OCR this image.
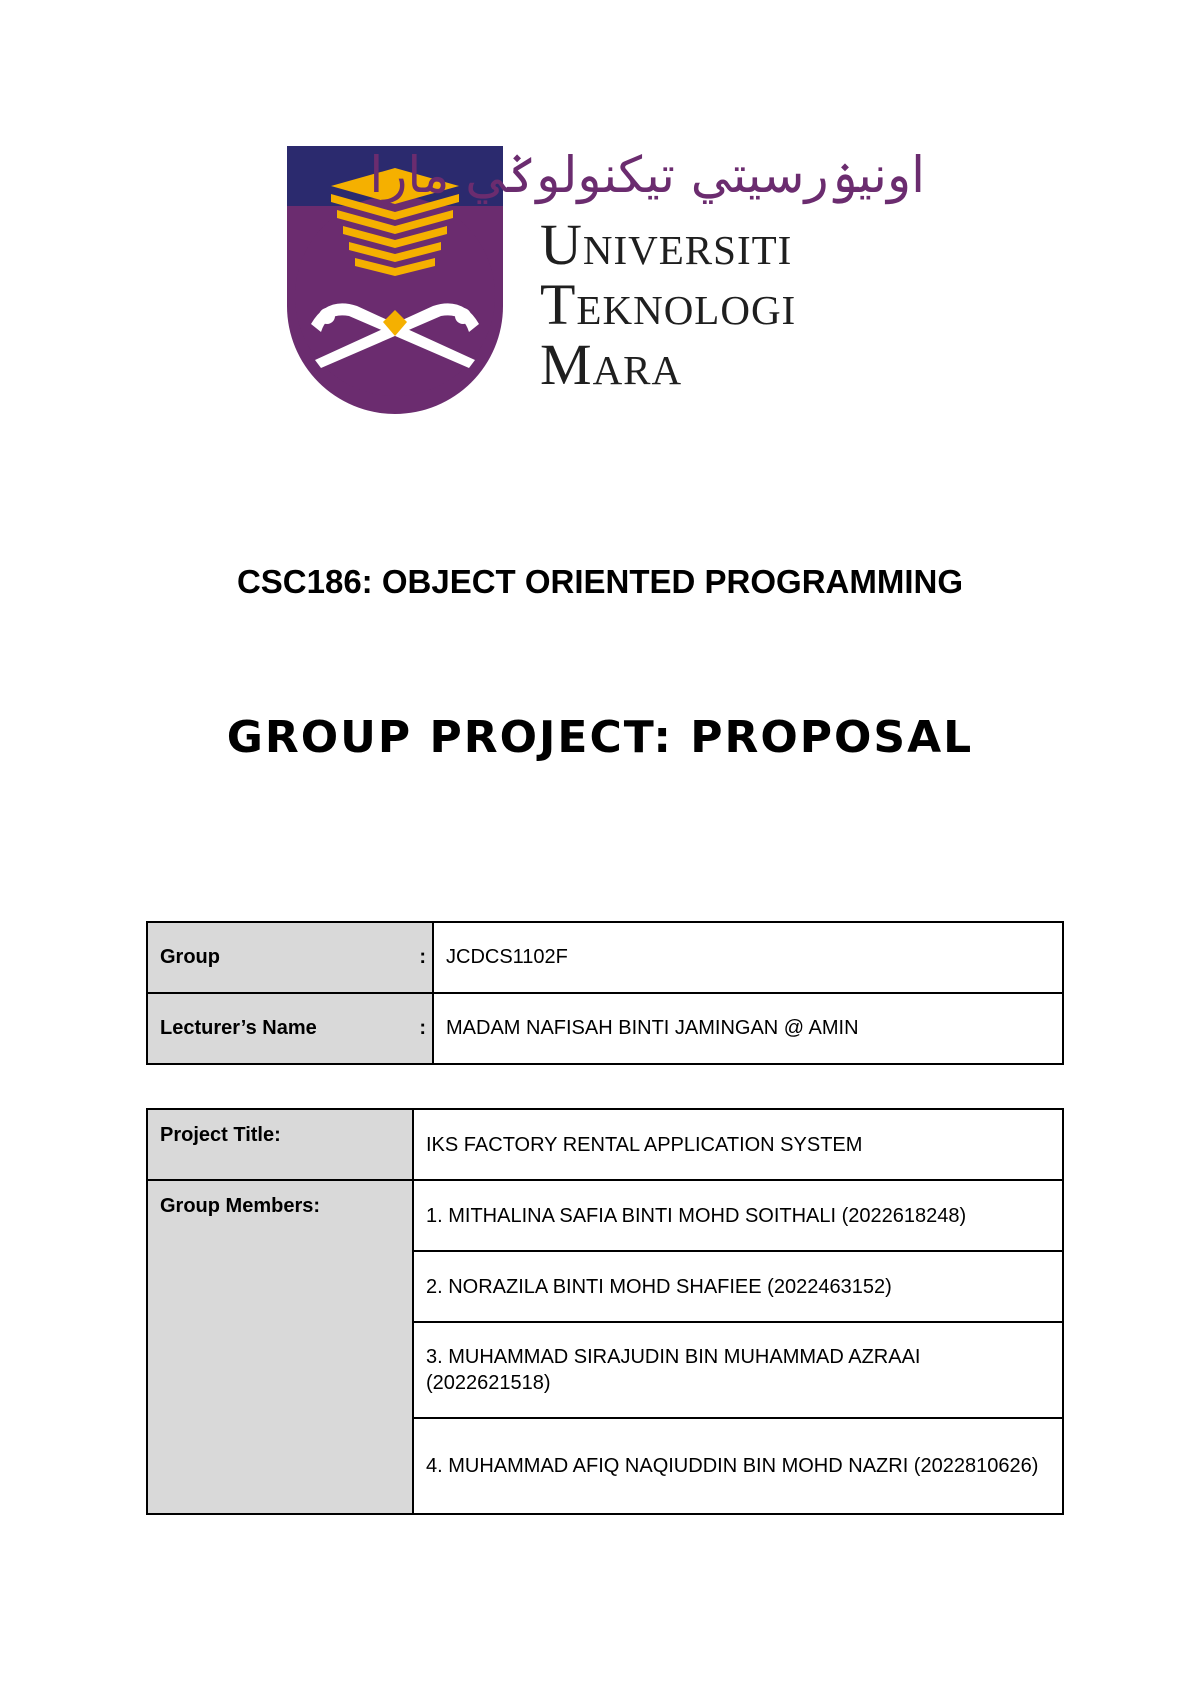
اونيۏرسيتي تيكنولوݢي مارا
Universiti
Teknologi
Mara
CSC186: OBJECT ORIENTED PROGRAMMING
GROUP PROJECT: PROPOSAL
Group	:	JCDCS1102F
Lecturer’s Name	:	MADAM NAFISAH BINTI JAMINGAN @ AMIN
Project Title:	IKS FACTORY RENTAL APPLICATION SYSTEM
Group Members:	1. MITHALINA SAFIA BINTI MOHD SOITHALI (2022618248)
	2. NORAZILA BINTI MOHD SHAFIEE (2022463152)
	3. MUHAMMAD SIRAJUDIN BIN MUHAMMAD AZRAAI (2022621518)
	4. MUHAMMAD AFIQ NAQIUDDIN BIN MOHD NAZRI (2022810626)
